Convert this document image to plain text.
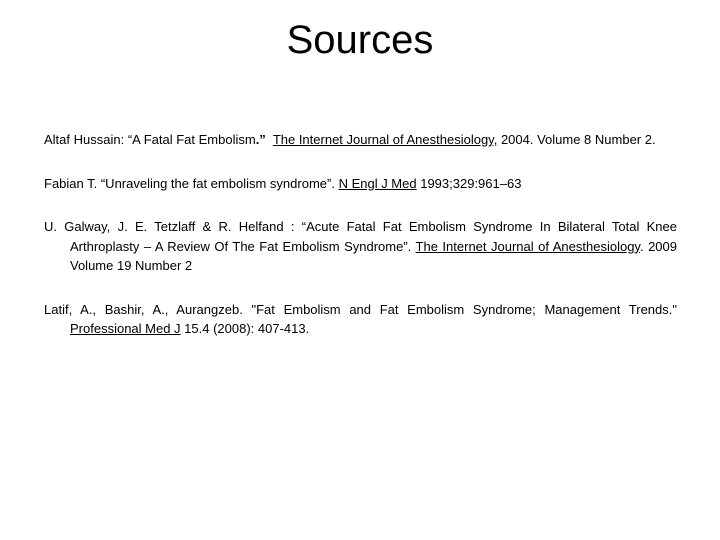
Sources

Altaf Hussain: “A Fatal Fat Embolism.” The Internet Journal of Anesthesiology, 2004. Volume 8 Number 2.

Fabian T. “Unraveling the fat embolism syndrome”. N Engl J Med 1993;329:961–63

U. Galway, J. E. Tetzlaff & R. Helfand : “Acute Fatal Fat Embolism Syndrome In Bilateral Total Knee Arthroplasty – A Review Of The Fat Embolism Syndrome”. The Internet Journal of Anesthesiology. 2009 Volume 19 Number 2

Latif, A., Bashir, A., Aurangzeb. "Fat Embolism and Fat Embolism Syndrome; Management Trends." Professional Med J 15.4 (2008): 407-413.
